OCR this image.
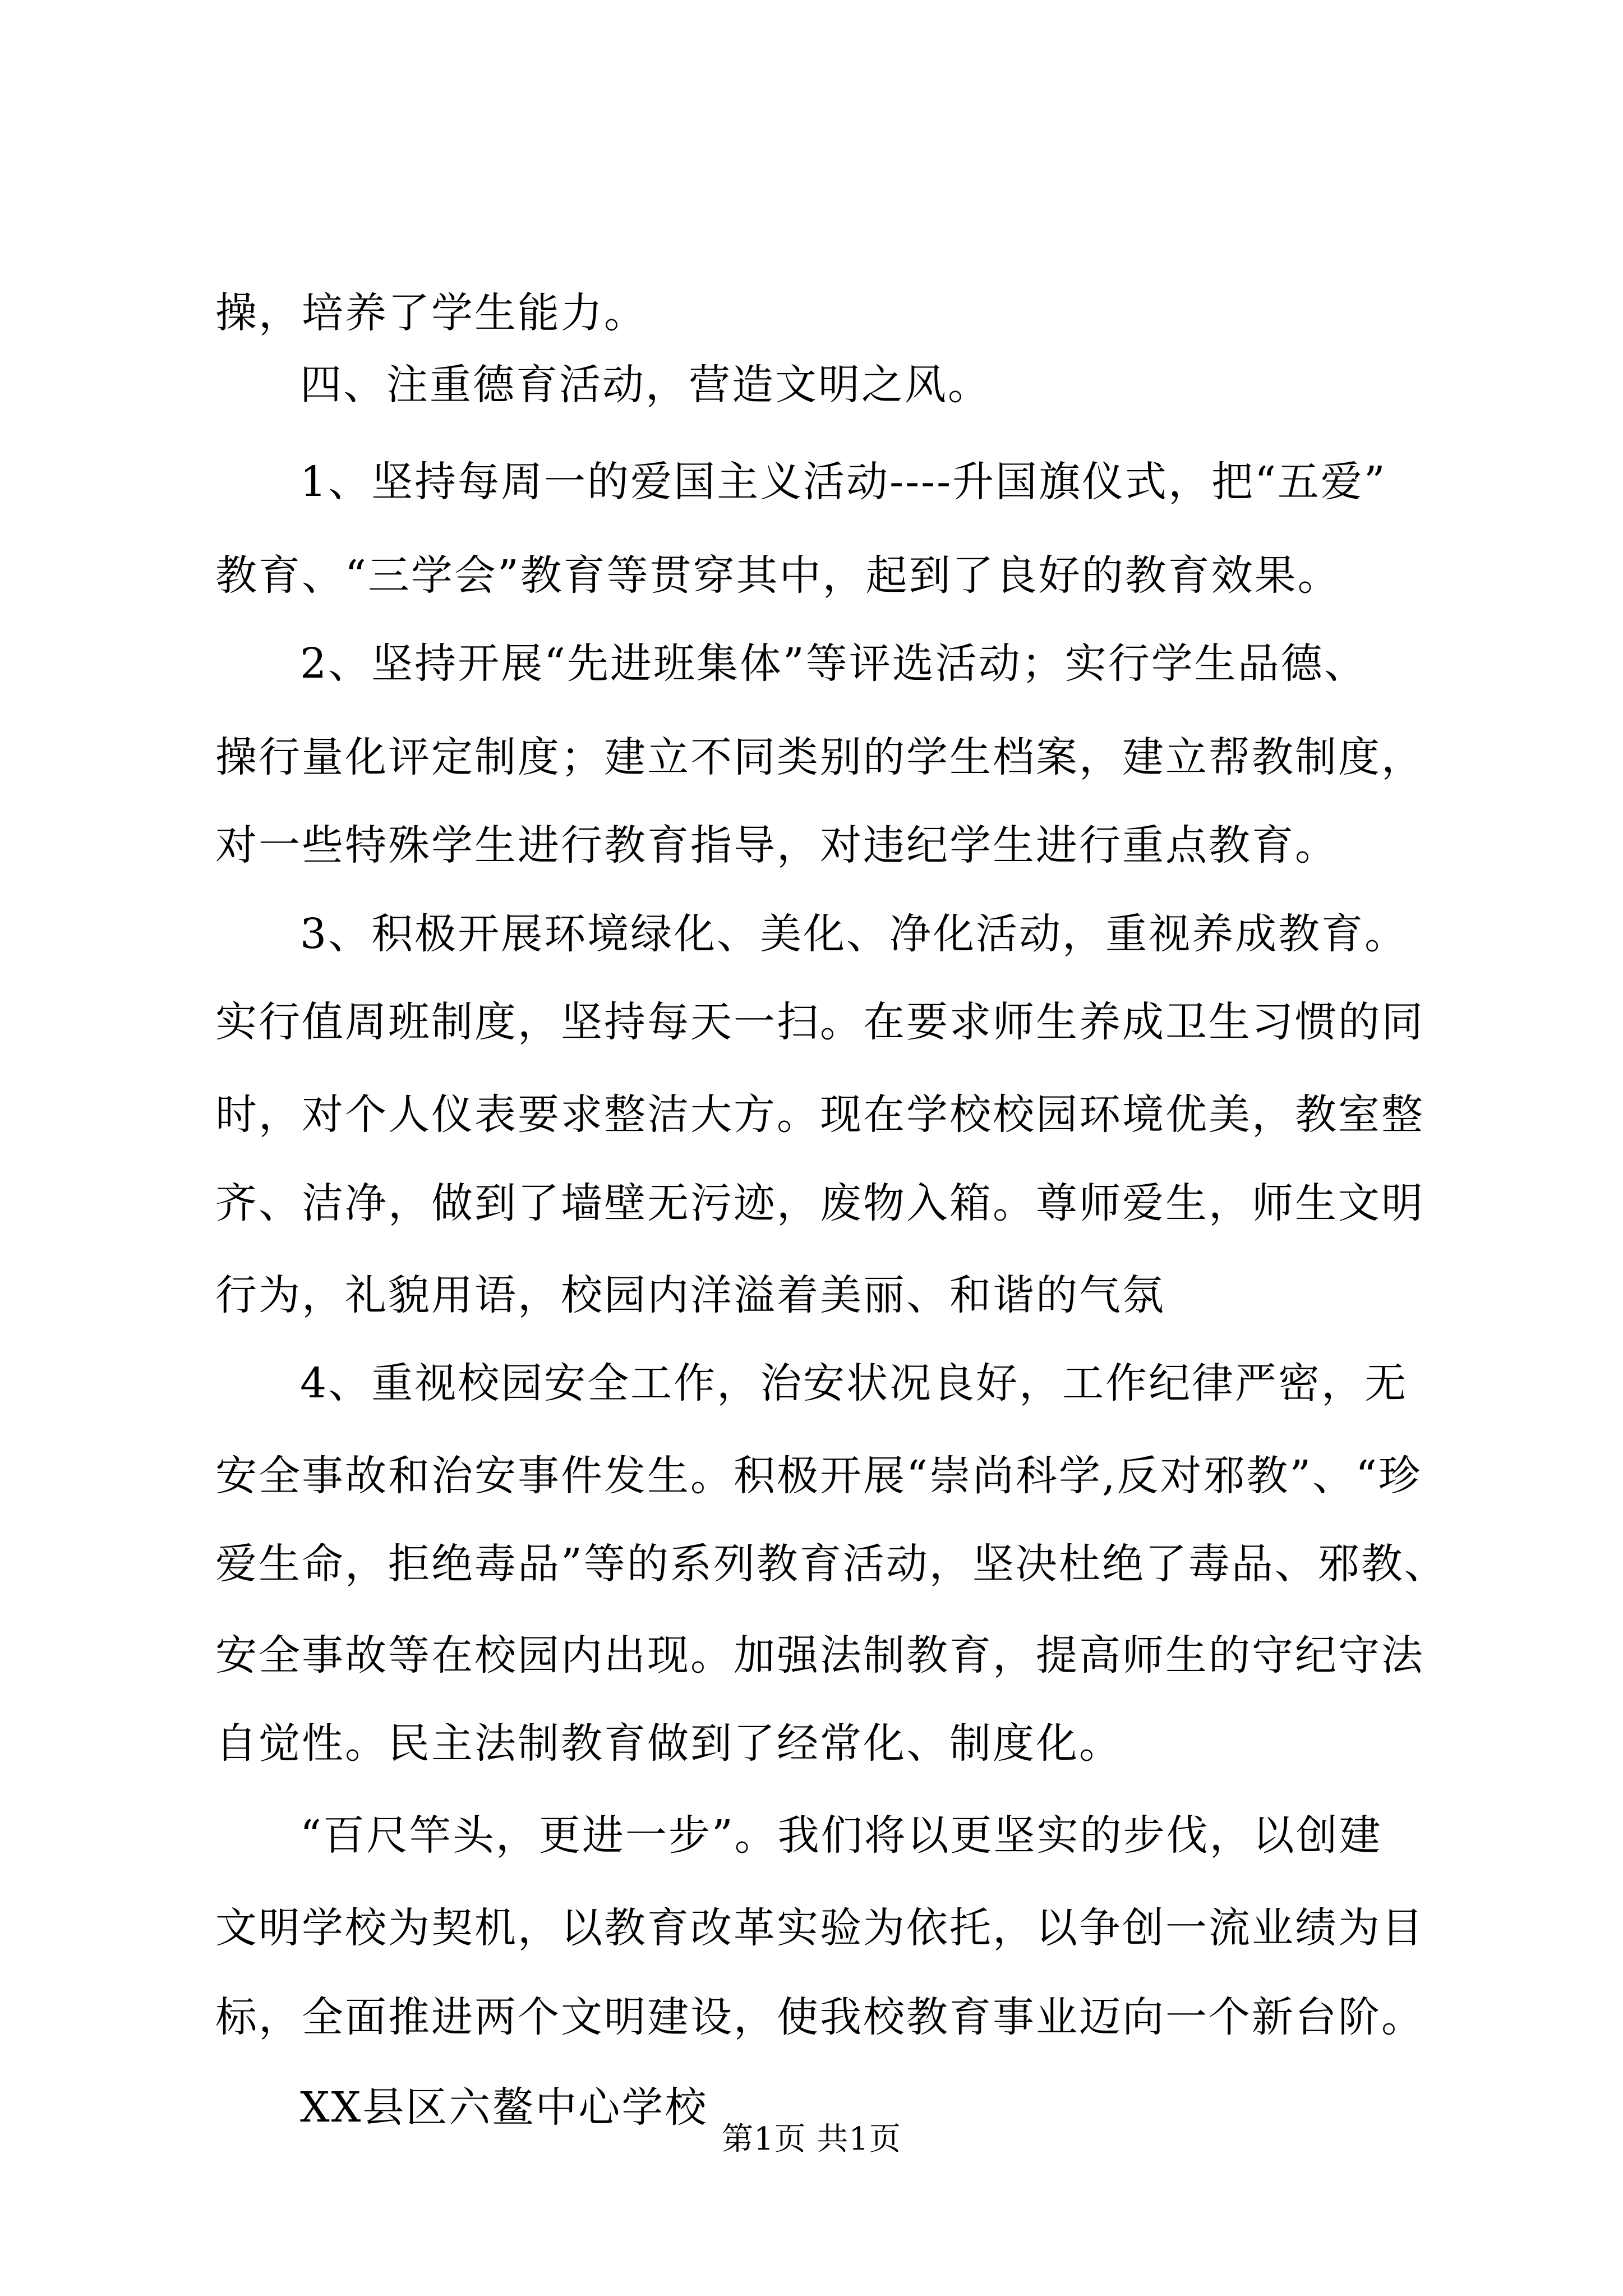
操，培养了学生能力。
四、注重德育活动，营造文明之风。
1、坚持每周一的爱国主义活动----升国旗仪式，把“五爱”
教育、“三学会”教育等贯穿其中，起到了良好的教育效果。
2、坚持开展“先进班集体”等评选活动；实行学生品德、
操行量化评定制度；建立不同类别的学生档案，建立帮教制度，
对一些特殊学生进行教育指导，对违纪学生进行重点教育。
3、积极开展环境绿化、美化、净化活动，重视养成教育。
实行值周班制度，坚持每天一扫。在要求师生养成卫生习惯的同
时，对个人仪表要求整洁大方。现在学校校园环境优美，教室整
齐、洁净，做到了墙壁无污迹，废物入箱。尊师爱生，师生文明
行为，礼貌用语，校园内洋溢着美丽、和谐的气氛
4、重视校园安全工作，治安状况良好，工作纪律严密，无
安全事故和治安事件发生。积极开展“崇尚科学,反对邪教”、“珍
爱生命，拒绝毒品”等的系列教育活动，坚决杜绝了毒品、邪教、
安全事故等在校园内出现。加强法制教育，提高师生的守纪守法
自觉性。民主法制教育做到了经常化、制度化。
“百尺竿头，更进一步”。我们将以更坚实的步伐，以创建
文明学校为契机，以教育改革实验为依托，以争创一流业绩为目
标，全面推进两个文明建设，使我校教育事业迈向一个新台阶。
XX县区六鳌中心学校
第1页 共1页
